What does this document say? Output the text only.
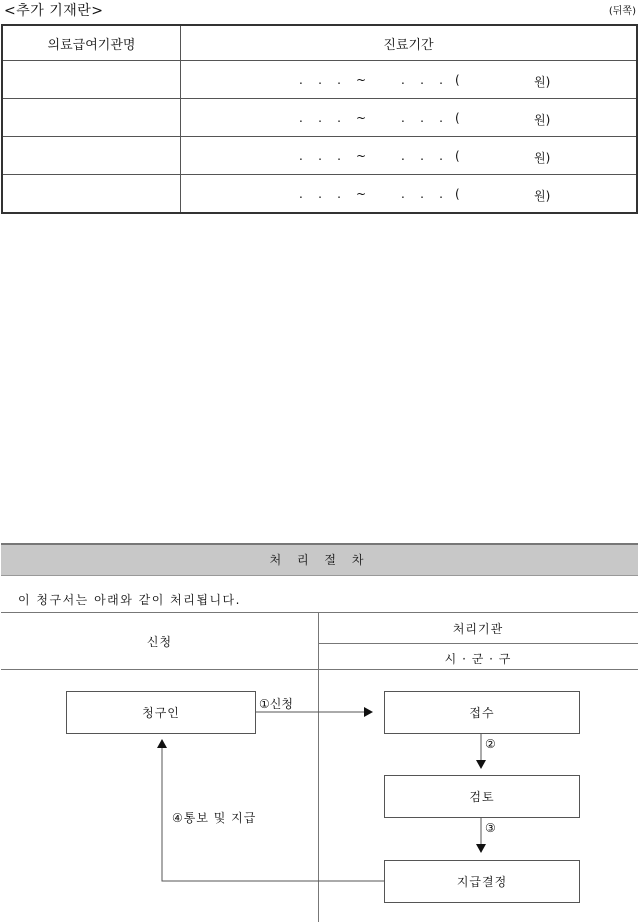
<추가 기재란>	(뒤쪽)
의료급여기관명	진료기간

	.    .    . ~ .    .    . ( 원)

	.    .    . ~ .    .    . ( 원)

	.    .    . ~ .    .    . ( 원)

	.    .    . ~ .    .    . ( 원)
처 리 절 차
이 청구서는 아래와 같이 처리됩니다.
신청
처리기관
시 · 군 · 구
청구인	접수
검토
지급결정
①신청
②
③
④통보 및 지급
